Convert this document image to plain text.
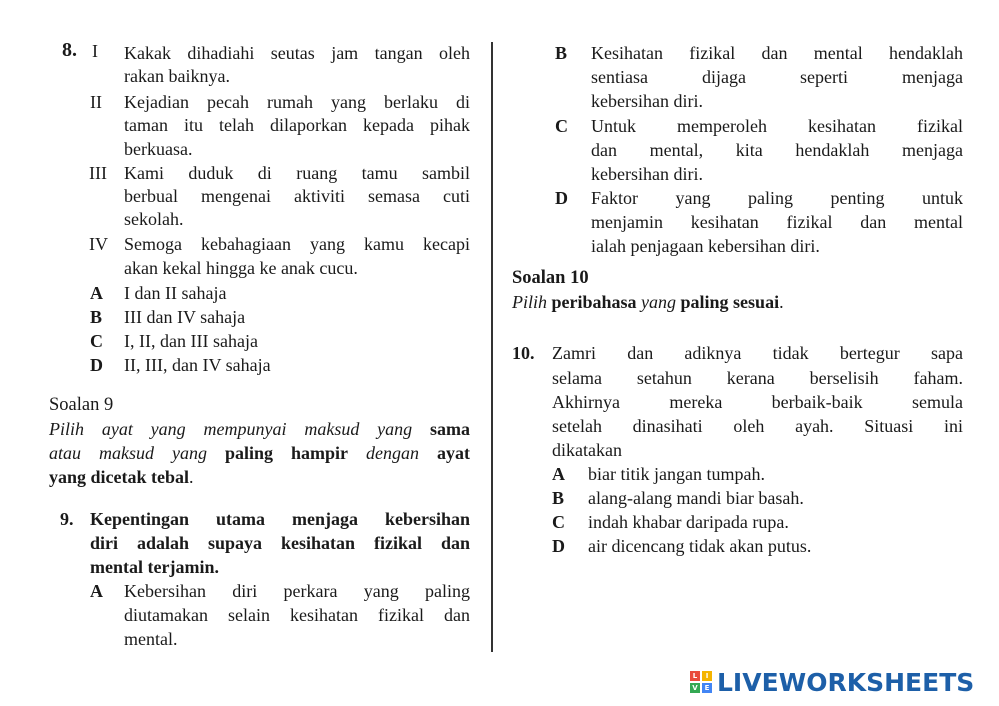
8. I Kakak dihadiahi seutas jam tangan oleh
rakan baiknya.
II Kejadian pecah rumah yang berlaku di
taman itu telah dilaporkan kepada pihak
berkuasa.
III Kami duduk di ruang tamu sambil
berbual mengenai aktiviti semasa cuti
sekolah.
IV Semoga kebahagiaan yang kamu kecapi
akan kekal hingga ke anak cucu.
A I dan II sahaja
B III dan IV sahaja
C I, II, dan III sahaja
D II, III, dan IV sahaja
Soalan 9
Pilih ayat yang mempunyai maksud yang sama
atau maksud yang paling hampir dengan ayat
yang dicetak tebal.
9. Kepentingan utama menjaga kebersihan
diri adalah supaya kesihatan fizikal dan
mental terjamin.
A Kebersihan diri perkara yang paling
diutamakan selain kesihatan fizikal dan
mental.
B Kesihatan fizikal dan mental hendaklah
sentiasa dijaga seperti menjaga
kebersihan diri.
C Untuk memperoleh kesihatan fizikal
dan mental, kita hendaklah menjaga
kebersihan diri.
D Faktor yang paling penting untuk
menjamin kesihatan fizikal dan mental
ialah penjagaan kebersihan diri.
Soalan 10
Pilih peribahasa yang paling sesuai.
10. Zamri dan adiknya tidak bertegur sapa
selama setahun kerana berselisih faham.
Akhirnya mereka berbaik-baik semula
setelah dinasihati oleh ayah. Situasi ini
dikatakan
A biar titik jangan tumpah.
B alang-alang mandi biar basah.
C indah khabar daripada rupa.
D air dicencang tidak akan putus.
L	I
V E LIVEWORKSHEETS
